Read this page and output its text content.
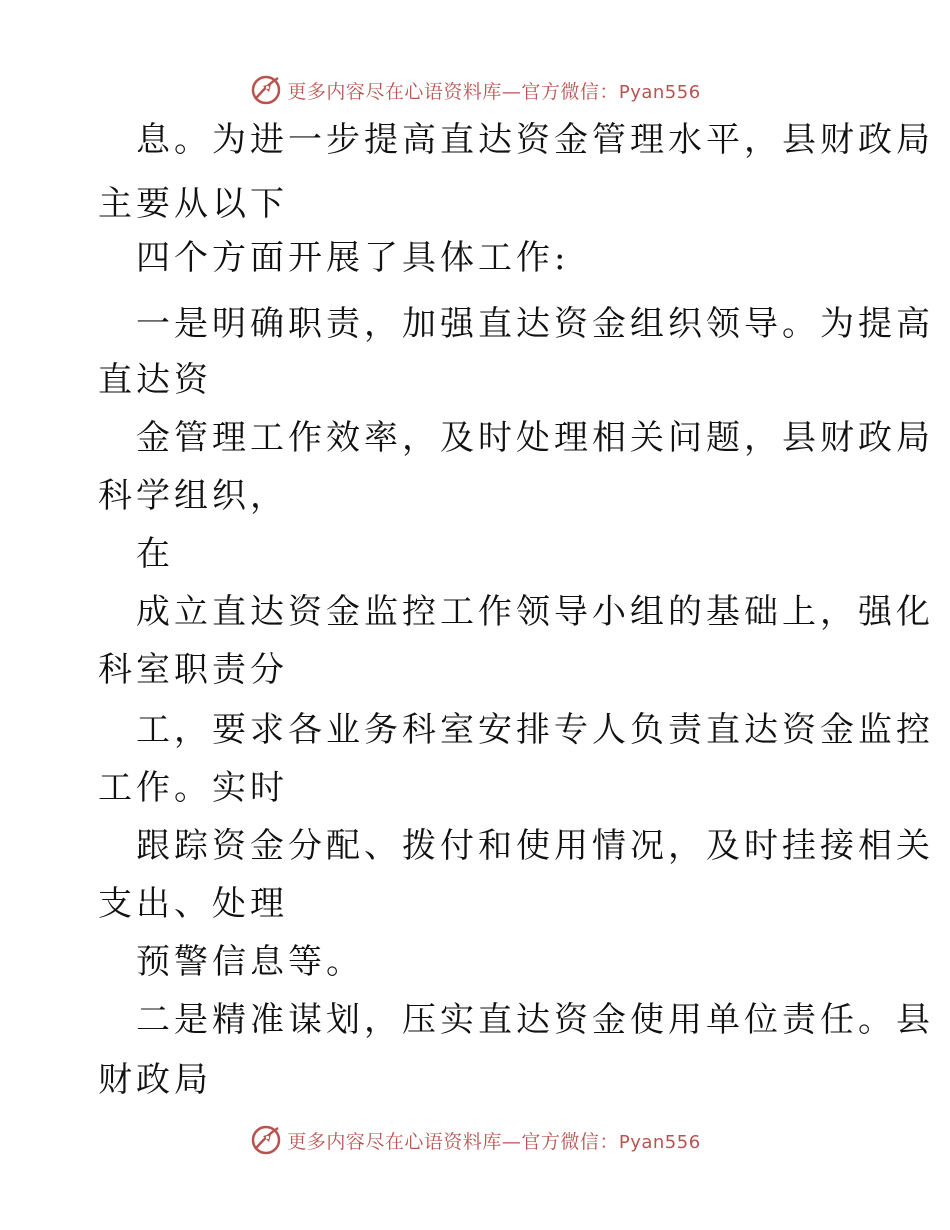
更多内容尽在心语资料库—官方微信：Pyan556
　息。为进一步提高直达资金管理水平，县财政局
主要从以下
　四个方面开展了具体工作:
　一是明确职责，加强直达资金组织领导。为提高
直达资
　金管理工作效率，及时处理相关问题，县财政局
科学组织，
　在
　成立直达资金监控工作领导小组的基础上，强化
科室职责分
　工，要求各业务科室安排专人负责直达资金监控
工作。实时
　跟踪资金分配、拨付和使用情况，及时挂接相关
支出、处理
　预警信息等。
　二是精准谋划，压实直达资金使用单位责任。县
财政局
更多内容尽在心语资料库—官方微信：Pyan556
